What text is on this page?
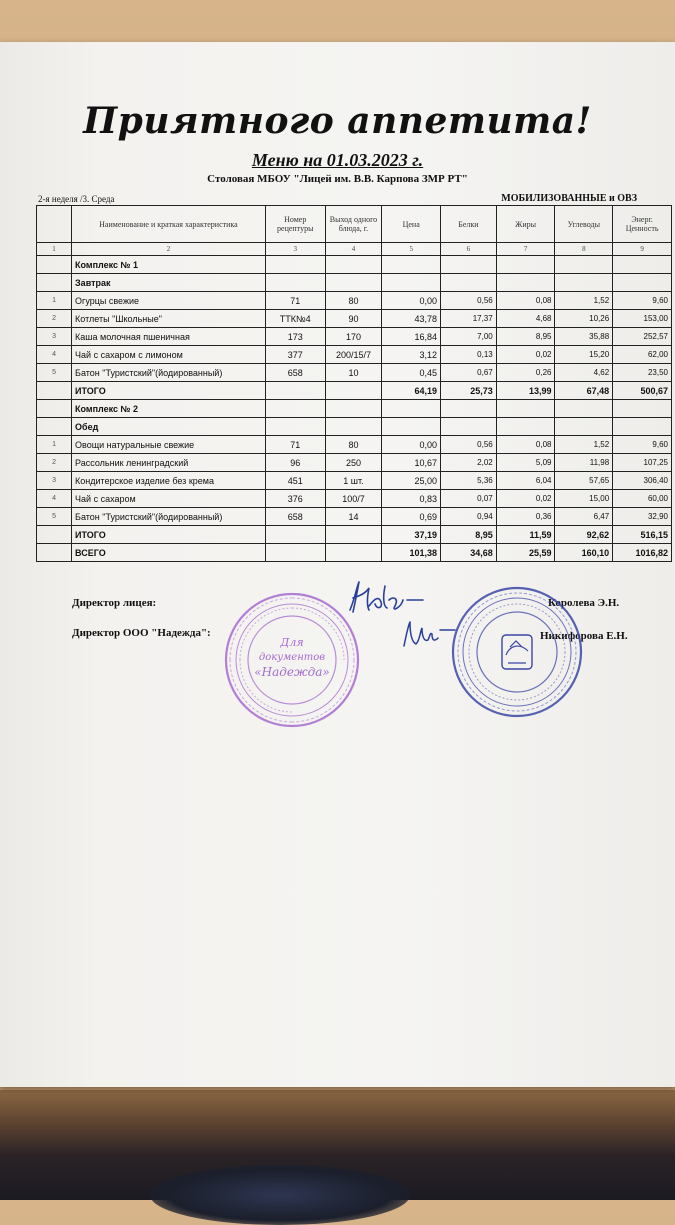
Приятного аппетита!
Меню на 01.03.2023 г.
Столовая МБОУ "Лицей им. В.В. Карпова ЗМР РТ"
2-я неделя /3. Среда	МОБИЛИЗОВАННЫЕ и ОВЗ
	Наименование и краткая характеристика	Номер рецептуры	Выход одного блюда, г.	Цена	Белки	Жиры	Углеводы	Энерг. Ценность
1	2	3	4	5	6	7	8	9
	Комплекс № 1							
	Завтрак							
1	Огурцы свежие	71	80	0,00	0,56	0,08	1,52	9,60
2	Котлеты "Школьные"	ТТК№4	90	43,78	17,37	4,68	10,26	153,00
3	Каша молочная пшеничная	173	170	16,84	7,00	8,95	35,88	252,57
4	Чай с сахаром с лимоном	377	200/15/7	3,12	0,13	0,02	15,20	62,00
5	Батон "Туристский"(йодированный)	658	10	0,45	0,67	0,26	4,62	23,50
	ИТОГО			64,19	25,73	13,99	67,48	500,67
	Комплекс № 2							
	Обед							
1	Овощи натуральные свежие	71	80	0,00	0,56	0,08	1,52	9,60
2	Рассольник ленинградский	96	250	10,67	2,02	5,09	11,98	107,25
3	Кондитерское изделие без крема	451	1 шт.	25,00	5,36	6,04	57,65	306,40
4	Чай с сахаром	376	100/7	0,83	0,07	0,02	15,00	60,00
5	Батон "Туристский"(йодированный)	658	14	0,69	0,94	0,36	6,47	32,90
	ИТОГО			37,19	8,95	11,59	92,62	516,15
	ВСЕГО			101,38	34,68	25,59	160,10	1016,82
Директор лицея:	Королева Э.Н.
Директор ООО "Надежда":	Никифорова Е.Н.
Для
документов
«Надежда»
